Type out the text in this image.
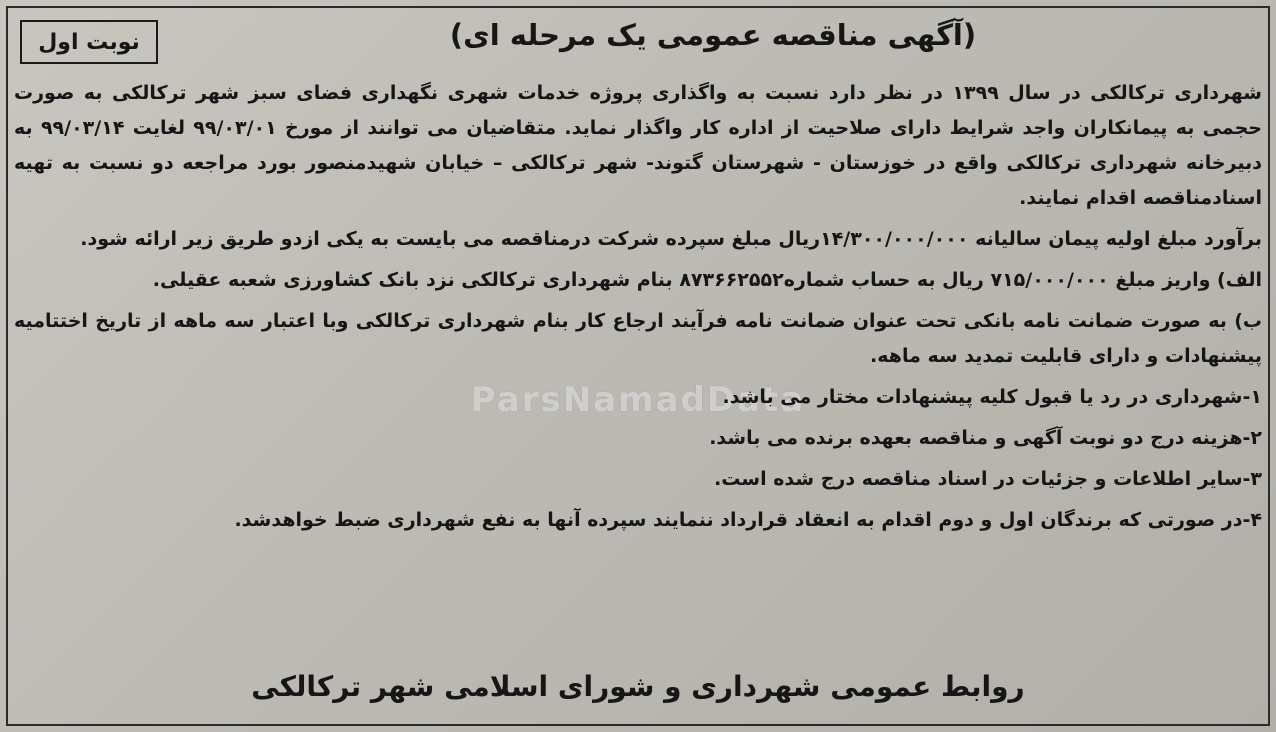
ParsNamadData
نوبت اول	(آگهی مناقصه عمومی یک مرحله ای)

شهرداری ترکالکی در سال ۱۳۹۹ در نظر دارد نسبت به واگذاری پروژه خدمات شهری نگهداری فضای سبز شهر ترکالکی به صورت حجمی به پیمانکاران واجد شرایط دارای صلاحیت از اداره کار واگذار نماید. متقاضیان می توانند از مورخ ۹۹/۰۳/۰۱ لغایت ۹۹/۰۳/۱۴ به دبیرخانه شهرداری ترکالکی واقع در خوزستان - شهرستان گتوند- شهر ترکالکی – خیابان شهیدمنصور بورد مراجعه دو نسبت به تهیه اسنادمناقصه اقدام نمایند.

برآورد مبلغ اولیه پیمان سالیانه ۱۴/۳۰۰/۰۰۰/۰۰۰ریال مبلغ سپرده شرکت درمناقصه می بایست به یکی ازدو طریق زیر ارائه شود.

الف) واریز مبلغ ۷۱۵/۰۰۰/۰۰۰ ریال به حساب شماره۸۷۳۶۶۲۵۵۲ بنام شهرداری ترکالکی نزد بانک کشاورزی شعبه عقیلی.

ب) به صورت ضمانت نامه بانکی تحت عنوان ضمانت نامه فرآیند ارجاع کار بنام شهرداری ترکالکی وبا اعتبار سه ماهه از تاریخ اختتامیه پیشنهادات و دارای قابلیت تمدید سه ماهه.

۱-شهرداری در رد یا قبول کلیه پیشنهادات مختار می باشد.

۲-هزینه درج دو نوبت آگهی و مناقصه بعهده برنده می باشد.

۳-سایر اطلاعات و جزئیات در اسناد مناقصه درج شده است.

۴-در صورتی که برندگان اول و دوم اقدام به انعقاد قرارداد ننمایند سپرده آنها به نفع شهرداری ضبط خواهدشد.

روابط عمومی شهرداری و شورای اسلامی شهر ترکالکی
